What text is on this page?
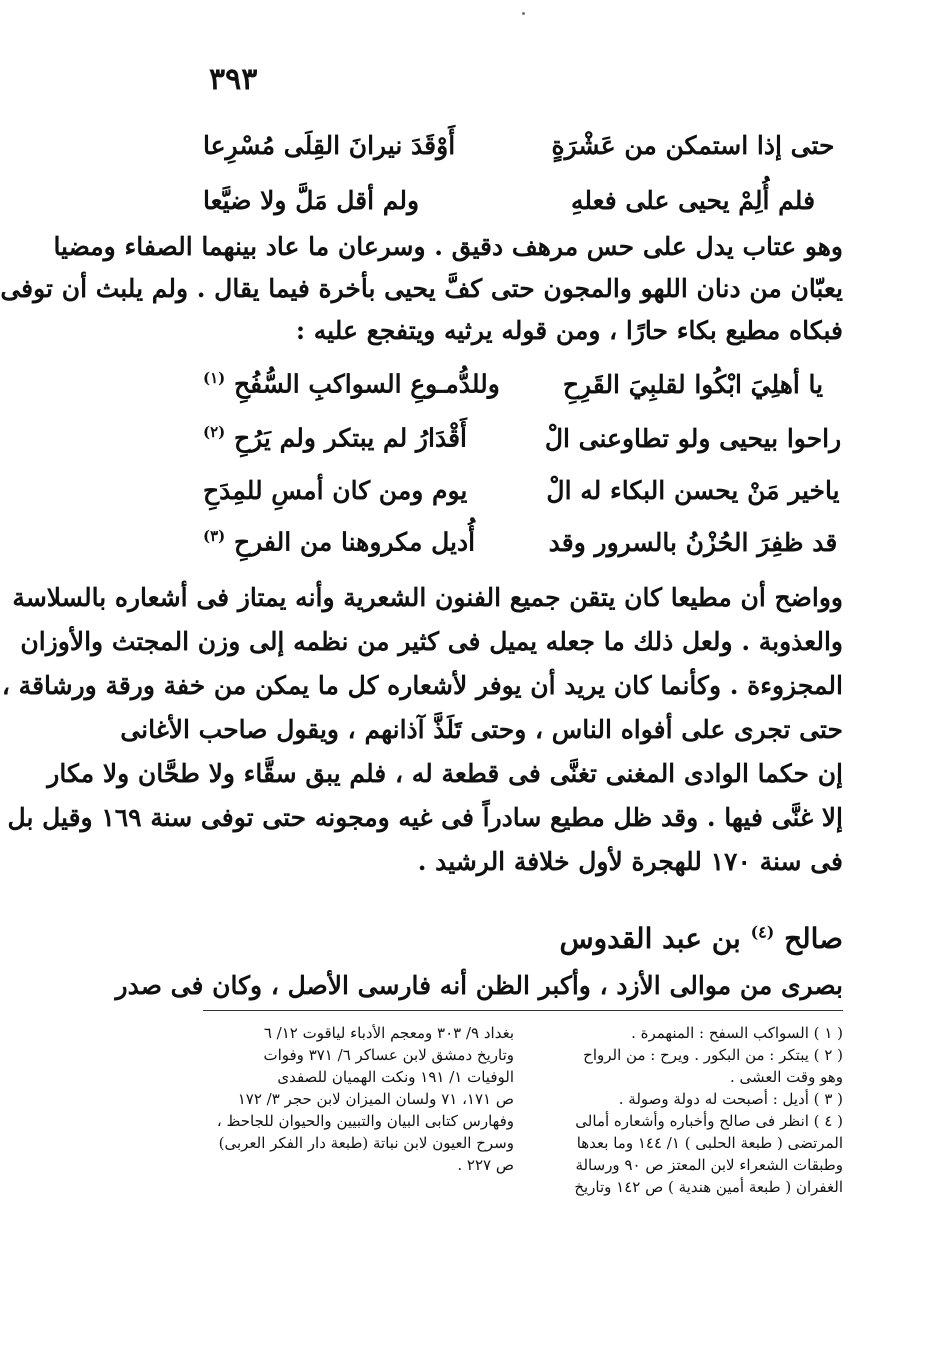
٣٩٣
حتى إذا استمكن من عَشْرَةٍ
أَوْقَدَ نيرانَ القِلَى مُسْرِعا
فلم أُلِمْ يحيى على فعلهِ
ولم أقل مَلَّ ولا ضيَّعا
وهو عتاب يدل على حس مرهف دقيق . وسرعان ما عاد بينهما الصفاء ومضيا
يعبّان من دنان اللهو والمجون حتى كفَّ يحيى بأخرة فيما يقال . ولم يلبث أن توفى
فبكاه مطيع بكاء حارًا ، ومن قوله يرثيه ويتفجع عليه :
يا أهلِيَ ابْكُوا لقلبِيَ القَرِحِ
وللدُّمـوعِ السواكبِ السُّفُحِ $^{(١)}$
راحوا بيحيى ولو تطاوعنى الْ
أَقْدَارُ لم يبتكر ولم يَرُحِ $^{(٢)}$
ياخير مَنْ يحسن البكاء له الْ
يوم ومن كان أمسِ للمِدَحِ
قد ظفِرَ الحُزْنُ بالسرور وقد
أُديل مكروهنا من الفرحِ $^{(٣)}$
وواضح أن مطيعا كان يتقن جميع الفنون الشعرية وأنه يمتاز فى أشعاره بالسلاسة
والعذوبة . ولعل ذلك ما جعله يميل فى كثير من نظمه إلى وزن المجتث والأوزان
المجزوءة . وكأنما كان يريد أن يوفر لأشعاره كل ما يمكن من خفة ورقة ورشاقة ،
حتى تجرى على أفواه الناس ، وحتى تَلَذَّ آذانهم ، ويقول صاحب الأغانى
إن حكما الوادى المغنى تغنَّى فى قطعة له ، فلم يبق سقَّاء ولا طحَّان ولا مكار
إلا غنَّى فيها . وقد ظل مطيع سادراً فى غيه ومجونه حتى توفى سنة ١٦٩ وقيل بل
فى سنة ١٧٠ للهجرة لأول خلافة الرشيد .
صالح $^{(٤)}$ بن عبد القدوس
بصرى من موالى الأزد ، وأكبر الظن أنه فارسى الأصل ، وكان فى صدر
( ١ ) السواكب السفح : المنهمرة .
( ٢ ) يبتكر : من البكور . ويرح : من الرواح
وهو وقت العشى .
( ٣ ) أديل : أصبحت له دولة وصولة .
( ٤ ) انظر فى صالح وأخباره وأشعاره أمالى
المرتضى ( طبعة الحلبى ) ١/ ١٤٤ وما بعدها
وطبقات الشعراء لابن المعتز ص ٩٠ ورسالة
الغفران ( طبعة أمين هندية ) ص ١٤٢ وتاريخ
بغداد ٩/ ٣٠٣ ومعجم الأدباء لياقوت ١٢/ ٦
وتاريخ دمشق لابن عساكر ٦/ ٣٧١ وفوات
الوفيات ١/ ١٩١ ونكت الهميان للصفدى
ص ١٧١، ٧١ ولسان الميزان لابن حجر ٣/ ١٧٢
وفهارس كتابى البيان والتبيين والحيوان للجاحظ ،
وسرح العيون لابن نباتة (طبعة دار الفكر العربى)
ص ٢٢٧ .
